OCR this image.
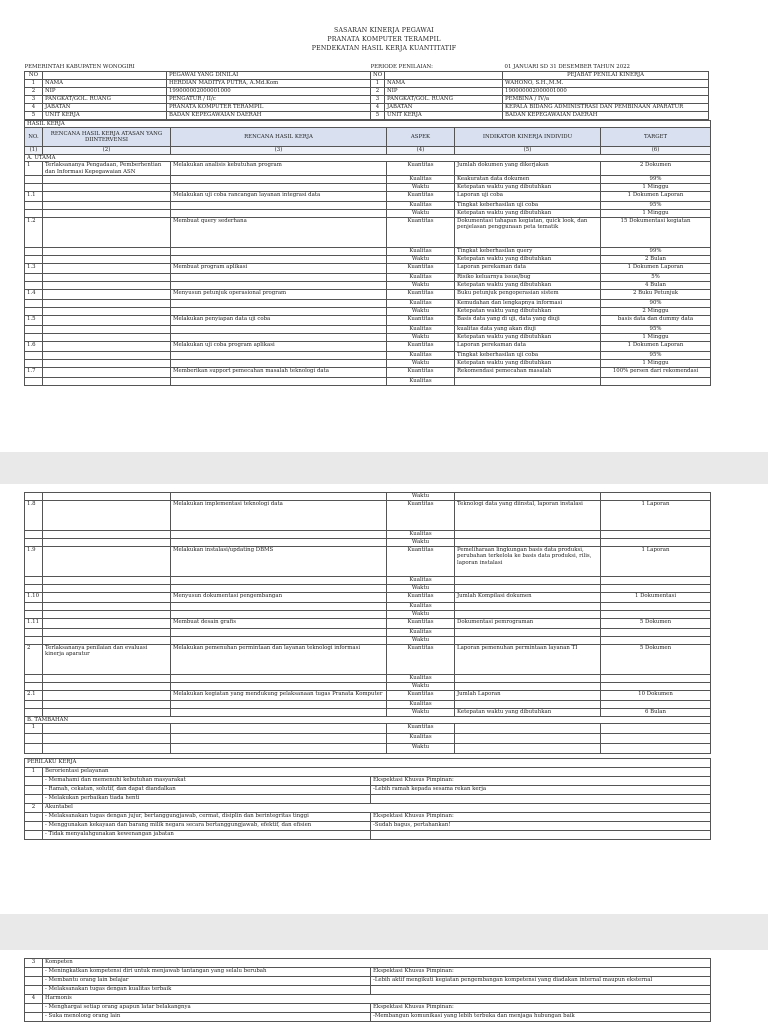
SASARAN KINERJA PEGAWAI
PRANATA KOMPUTER TERAMPIL
PENDEKATAN HASIL KERJA KUANTITATIF
PEMERINTAH KABUPATEN WONOGIRI			PERIODE PENILAIAN:		01 JANUARI SD 31 DESEMBER TAHUN 2022
NO		PEGAWAI YANG DINILAI	NO		PEJABAT PENILAI KINERJA
1	NAMA	HERDIAN MADITYA PUTRA, A.Md.Kom	1	NAMA	WAHONO, S.H.,M.M.
2	NIP	199000002000001000	2	NIP	190000002000001000
3	PANGKAT/GOL. RUANG	PENGATUR / II/c	3	PANGKAT/GOL. RUANG	PEMBINA / IV/a
4	JABATAN	PRANATA KOMPUTER TERAMPIL	4	JABATAN	KEPALA BIDANG ADMINISTRASI DAN PEMBINAAN APARATUR
5	UNIT KERJA	BADAN KEPEGAWAIAN DAERAH	5	UNIT KERJA	BADAN KEPEGAWAIAN DAERAH
HASIL KERJA					
NO.	RENCANA HASIL KERJA ATASAN YANG DIINTERVENSI	RENCANA HASIL KERJA	ASPEK	INDIKATOR KINERJA INDIVIDU	TARGET
(1)	(2)	(3)	(4)	(5)	(6)
A. UTAMA					
1	Terlaksananya Pengadaan, Pemberhentian dan Informasi Kepegawaian ASN	Melakukan analisis kebutuhan program	Kuantitas	Jumlah dokumen yang dikerjakan	2 Dokumen
			Kualitas	Keakuratan data dokumen	99%
			Waktu	Ketepatan waktu yang dibutuhkan	1 Minggu
1.1		Melakukan uji coba rancangan layanan integrasi data	Kuantitas	Laporan uji coba	1 Dokumen Laporan
			Kualitas	Tingkat keberhasilan uji coba	95%
			Waktu	Ketepatan waktu yang dibutuhkan	1 Minggu
1.2		Membuat query sederhana	Kuantitas	Dokumentasi tahapan kegiatan, quick look, dan penjelasan penggunaan peta tematik	15 Dokumentasi kegiatan
			Kualitas	Tingkat keberhasilan query	99%
			Waktu	Ketepatan waktu yang dibutuhkan	2 Bulan
1.3		Membuat program aplikasi	Kuantitas	Laporan perekaman data	1 Dokumen Laporan
			Kualitas	Risiko keluarnya issue/bug	5%
			Waktu	Ketepatan waktu yang dibutuhkan	4 Bulan
1.4		Menyusun petunjuk operasional program	Kuantitas	Buku petunjuk pengoperasian sistem	2 Buku Petunjuk
			Kualitas	Kemudahan dan lengkapnya informasi	90%
			Waktu	Ketepatan waktu yang dibutuhkan	2 Minggu
1.5		Melakukan penyiapan data uji coba	Kuantitas	Basis data yang di uji, data yang diuji	basis data dan dummy data
			Kualitas	kualitas data yang akan diuji	95%
			Waktu	Ketepatan waktu yang dibutuhkan	1 Minggu
1.6		Melakukan uji coba program aplikasi	Kuantitas	Laporan perekaman data	1 Dokumen Laporan
			Kualitas	Tingkat keberhasilan uji coba	95%
			Waktu	Ketepatan waktu yang dibutuhkan	1 Minggu
1.7		Memberikan support pemecahan masalah teknologi data	Kuantitas	Rekomendasi pemecahan masalah	100% persen dari rekomendasi
			Kualitas		
			Waktu		
1.8		Melakukan implementasi teknologi data	Kuantitas	Teknologi data yang diinstal, laporan instalasi	1 Laporan
			Kualitas		
			Waktu		
1.9		Melakukan instalasi/updating DBMS	Kuantitas	Pemeliharaan lingkungan basis data produksi, perubahan terkelola ke basis data produksi, rilis, laporan instalasi	1 Laporan
			Kualitas		
			Waktu		
1.10		Menyusun dokumentasi pengembangan	Kuantitas	Jumlah Kompilasi dokumen	1 Dokumentasi
			Kualitas		
			Waktu		
1.11		Membuat desain grafis	Kuantitas	Dokumentasi pemrograman	5 Dokumen
			Kualitas		
			Waktu		
2	Terlaksananya penilaian dan evaluasi kinerja aparatur	Melakukan pemenuhan permintaan dan layanan teknologi informasi	Kuantitas	Laporan pemenuhan permintaan layanan TI	5 Dokumen
			Kualitas		
			Waktu		
2.1		Melakukan kegiatan yang mendukung pelaksanaan tugas Pranata Komputer	Kuantitas	Jumlah Laporan	10 Dokumen
			Kualitas		
			Waktu	Ketepatan waktu yang dibutuhkan	6 Bulan
B. TAMBAHAN					
1			Kuantitas		
			Kualitas		
			Waktu		

PERILAKU KERJA		
1	Berorientasi pelayanan	
	- Memahami dan memenuhi kebutuhan masyarakat	Ekspektasi Khusus Pimpinan:
	- Ramah, cekatan, solutif, dan dapat diandalkan	-Lebih ramah kepada sesama rekan kerja
	- Melakukan perbaikan tiada henti	
2	Akuntabel	
	- Melaksanakan tugas dengan jujur, bertanggungjawab, cermat, disiplin dan berintegritas tinggi	Ekspektasi Khusus Pimpinan:
	- Menggunakan kekayaan dan barang milik negara secara bertanggungjawab, efektif, dan efisien	-Sudah bagus, pertahankan!
	- Tidak menyalahgunakan kewenangan jabatan	
3	Kompeten	
	- Meningkatkan kompetensi diri untuk menjawab tantangan yang selalu berubah	Ekspektasi Khusus Pimpinan:
	- Membantu orang lain belajar	-Lebih aktif mengikuti kegiatan pengembangan kompetensi yang diadakan internal maupun eksternal
	- Melaksanakan tugas dengan kualitas terbaik	
4	Harmonis	
	- Menghargai setiap orang apapun latar belakangnya	Ekspektasi Khusus Pimpinan:
	- Suka menolong orang lain	-Membangun komunikasi yang lebih terbuka dan menjaga hubungan baik
